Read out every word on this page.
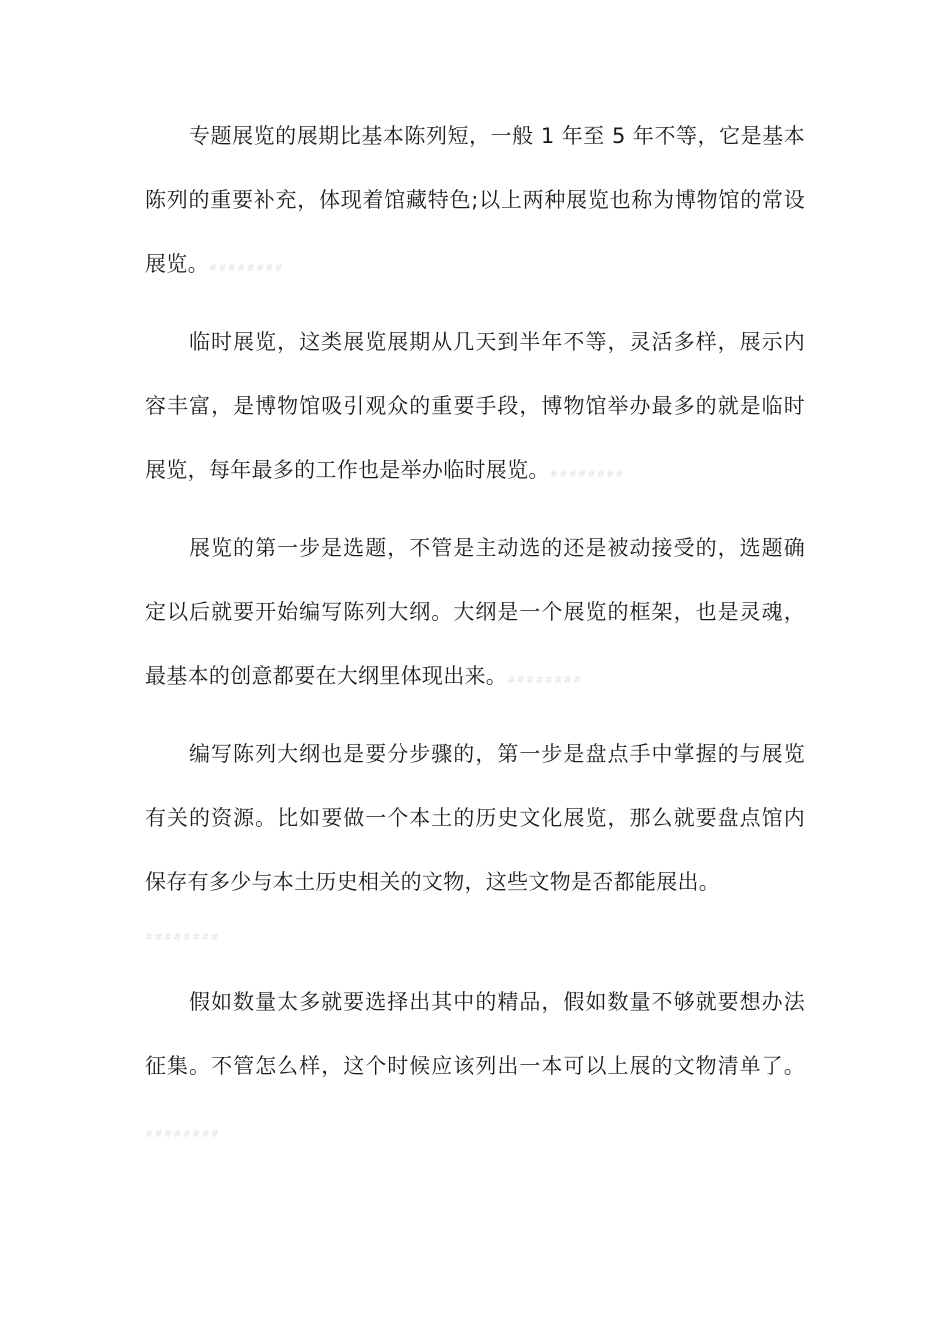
专题展览的展期比基本陈列短，一般 1 年至 5 年不等，它是基本陈列的重要补充，体现着馆藏特色;以上两种展览也称为博物馆的常设展览。########

临时展览，这类展览展期从几天到半年不等，灵活多样，展示内容丰富，是博物馆吸引观众的重要手段，博物馆举办最多的就是临时展览，每年最多的工作也是举办临时展览。########

展览的第一步是选题，不管是主动选的还是被动接受的，选题确定以后就要开始编写陈列大纲。大纲是一个展览的框架，也是灵魂，最基本的创意都要在大纲里体现出来。########

编写陈列大纲也是要分步骤的，第一步是盘点手中掌握的与展览有关的资源。比如要做一个本土的历史文化展览，那么就要盘点馆内保存有多少与本土历史相关的文物，这些文物是否都能展出。

########

假如数量太多就要选择出其中的精品，假如数量不够就要想办法征集。不管怎么样，这个时候应该列出一本可以上展的文物清单了。########
